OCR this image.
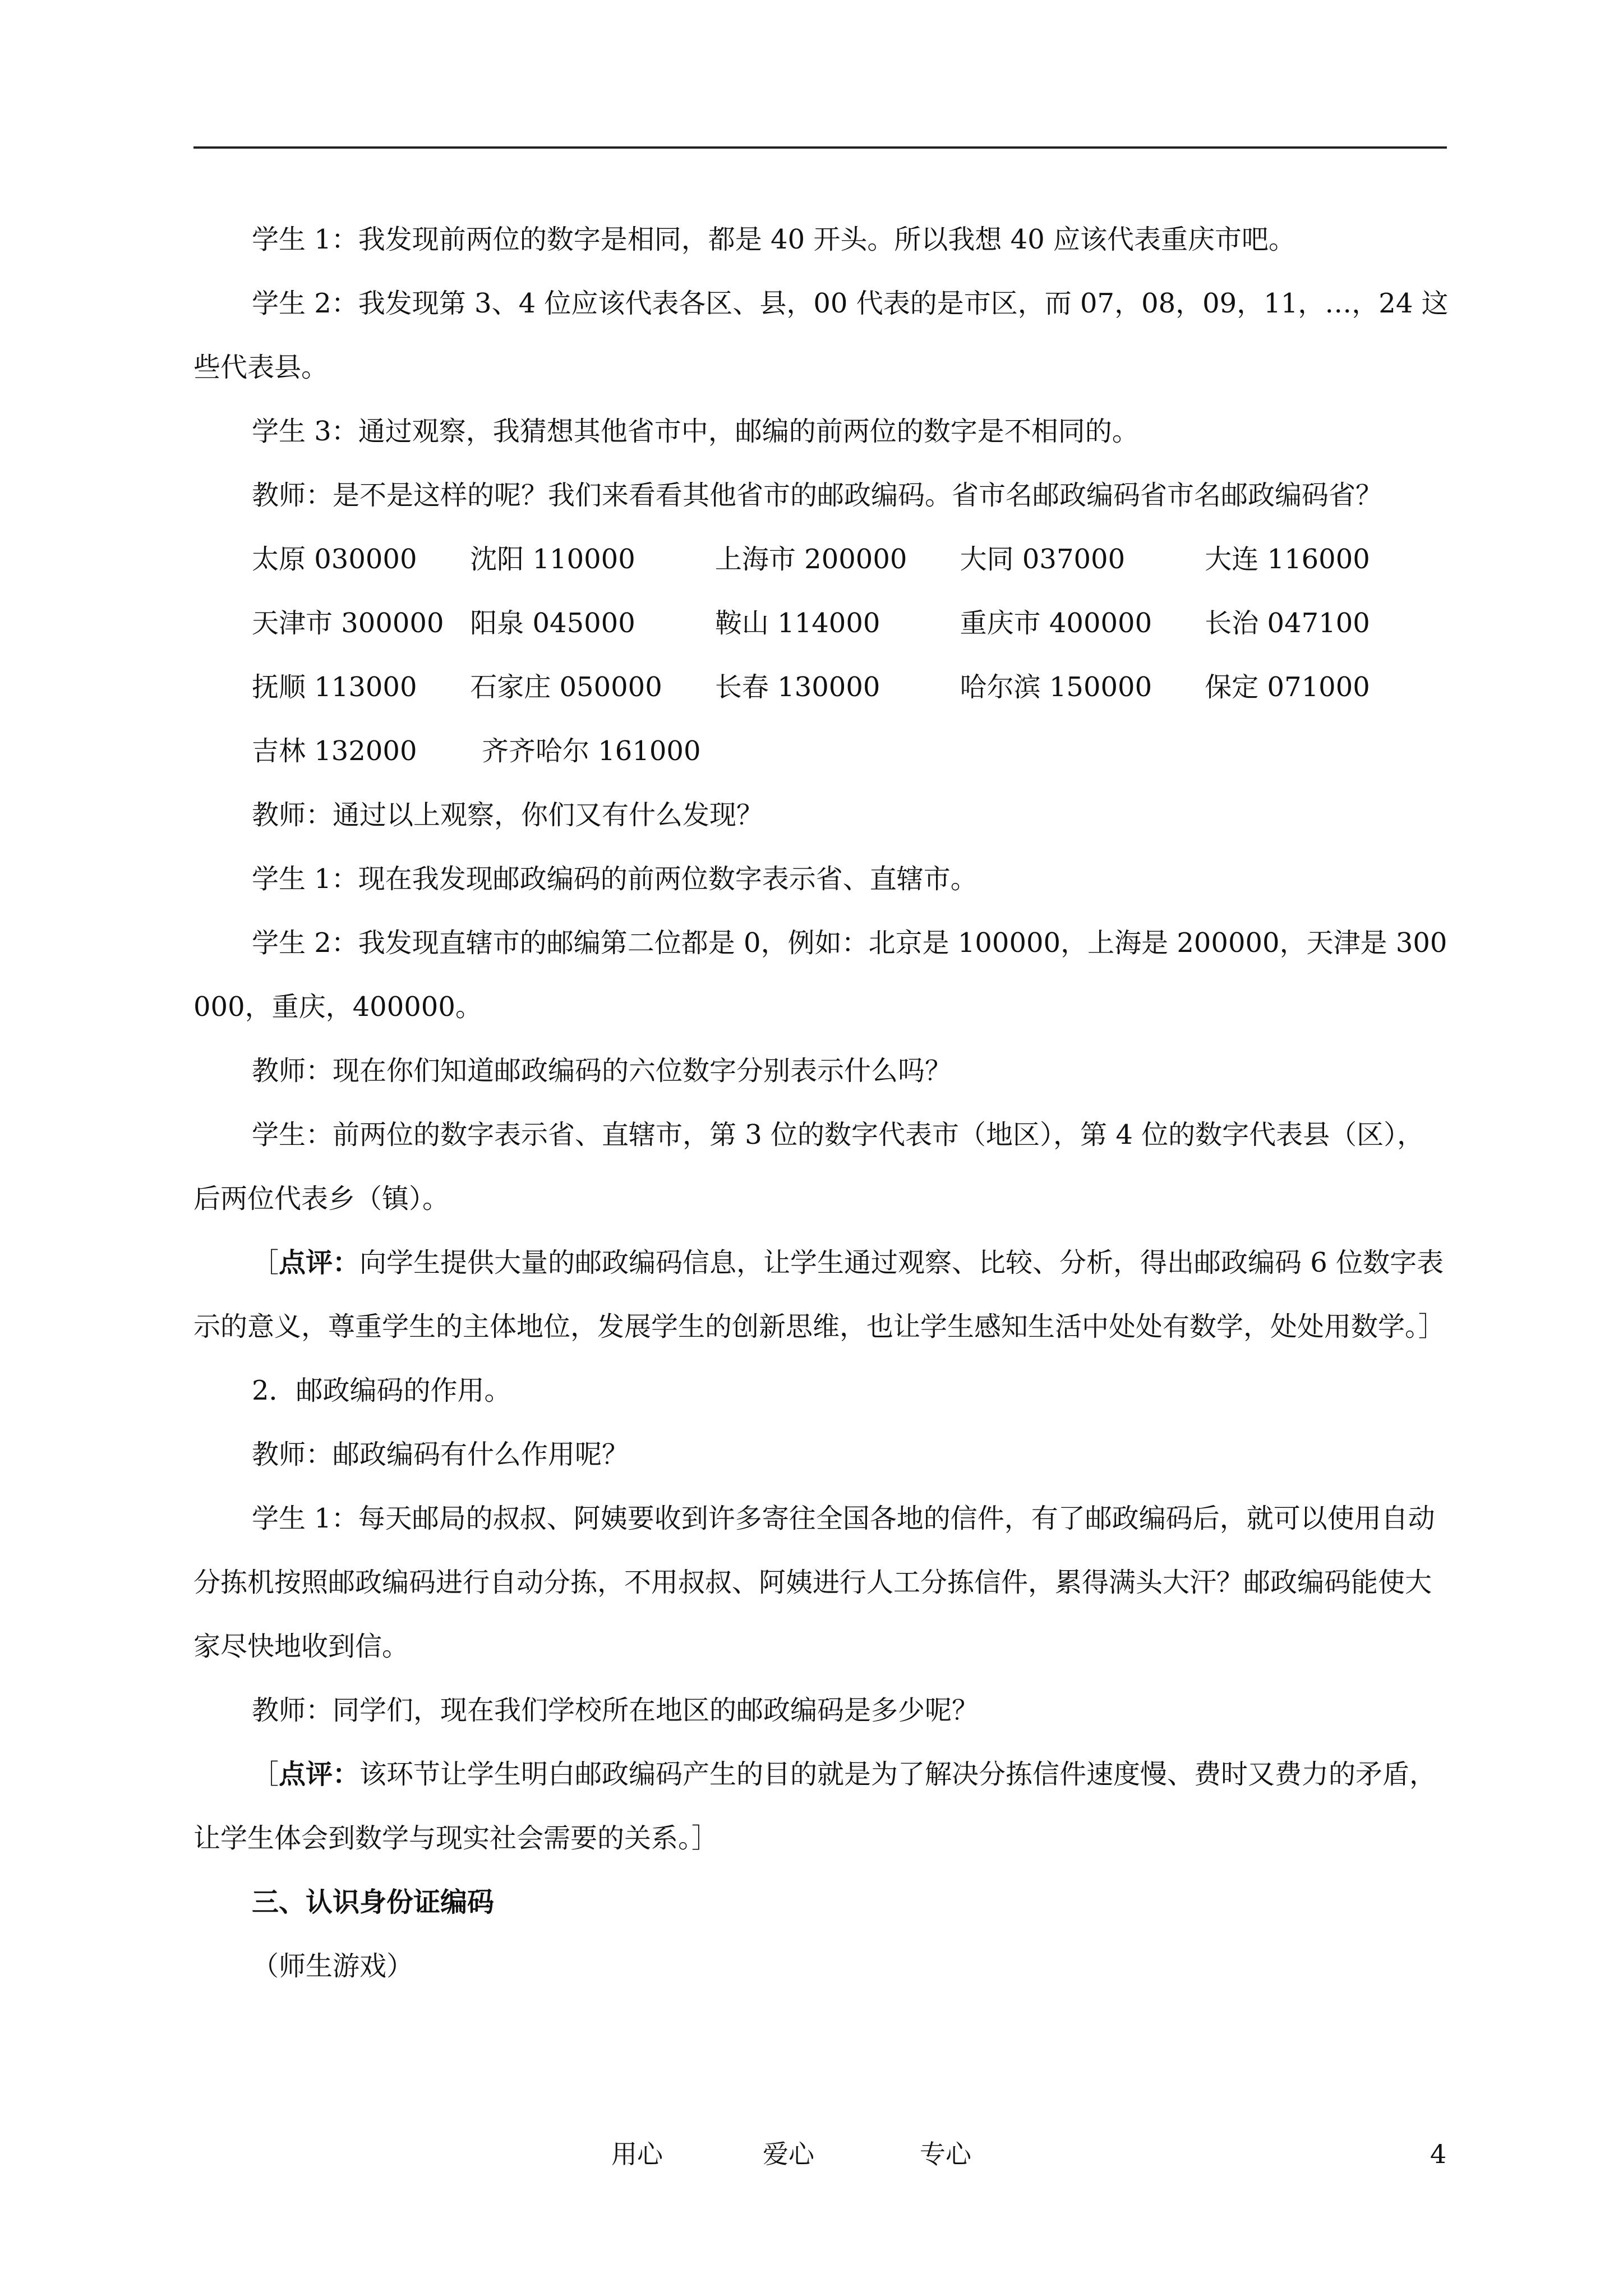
学生 1：我发现前两位的数字是相同，都是 40 开头。所以我想 40 应该代表重庆市吧。

学生 2：我发现第 3、4 位应该代表各区、县，00 代表的是市区，而 07，08，09，11，…，24 这些代表县。

学生 3：通过观察，我猜想其他省市中，邮编的前两位的数字是不相同的。

教师：是不是这样的呢？我们来看看其他省市的邮政编码。省市名邮政编码省市名邮政编码省？

太原 030000	沈阳 110000	上海市 200000	大同 037000	大连 116000
天津市 300000 阳泉 045000	鞍山 114000	重庆市 400000	长治 047100
抚顺 113000	石家庄 050000	长春 130000	哈尔滨 150000	保定 071000
吉林 132000	齐齐哈尔 161000

教师：通过以上观察，你们又有什么发现？

学生 1：现在我发现邮政编码的前两位数字表示省、直辖市。

学生 2：我发现直辖市的邮编第二位都是 0，例如：北京是 100000，上海是 200000，天津是 300000，重庆，400000。

教师：现在你们知道邮政编码的六位数字分别表示什么吗？

学生：前两位的数字表示省、直辖市，第 3 位的数字代表市（地区），第 4 位的数字代表县（区），后两位代表乡（镇）。

［点评：向学生提供大量的邮政编码信息，让学生通过观察、比较、分析，得出邮政编码 6 位数字表示的意义，尊重学生的主体地位，发展学生的创新思维，也让学生感知生活中处处有数学，处处用数学。］

2．邮政编码的作用。

教师：邮政编码有什么作用呢？

学生 1：每天邮局的叔叔、阿姨要收到许多寄往全国各地的信件，有了邮政编码后，就可以使用自动分拣机按照邮政编码进行自动分拣，不用叔叔、阿姨进行人工分拣信件，累得满头大汗？邮政编码能使大家尽快地收到信。

教师：同学们，现在我们学校所在地区的邮政编码是多少呢？

［点评：该环节让学生明白邮政编码产生的目的就是为了解决分拣信件速度慢、费时又费力的矛盾，让学生体会到数学与现实社会需要的关系。］

三、认识身份证编码

（师生游戏）

用心	爱心	专心	4
